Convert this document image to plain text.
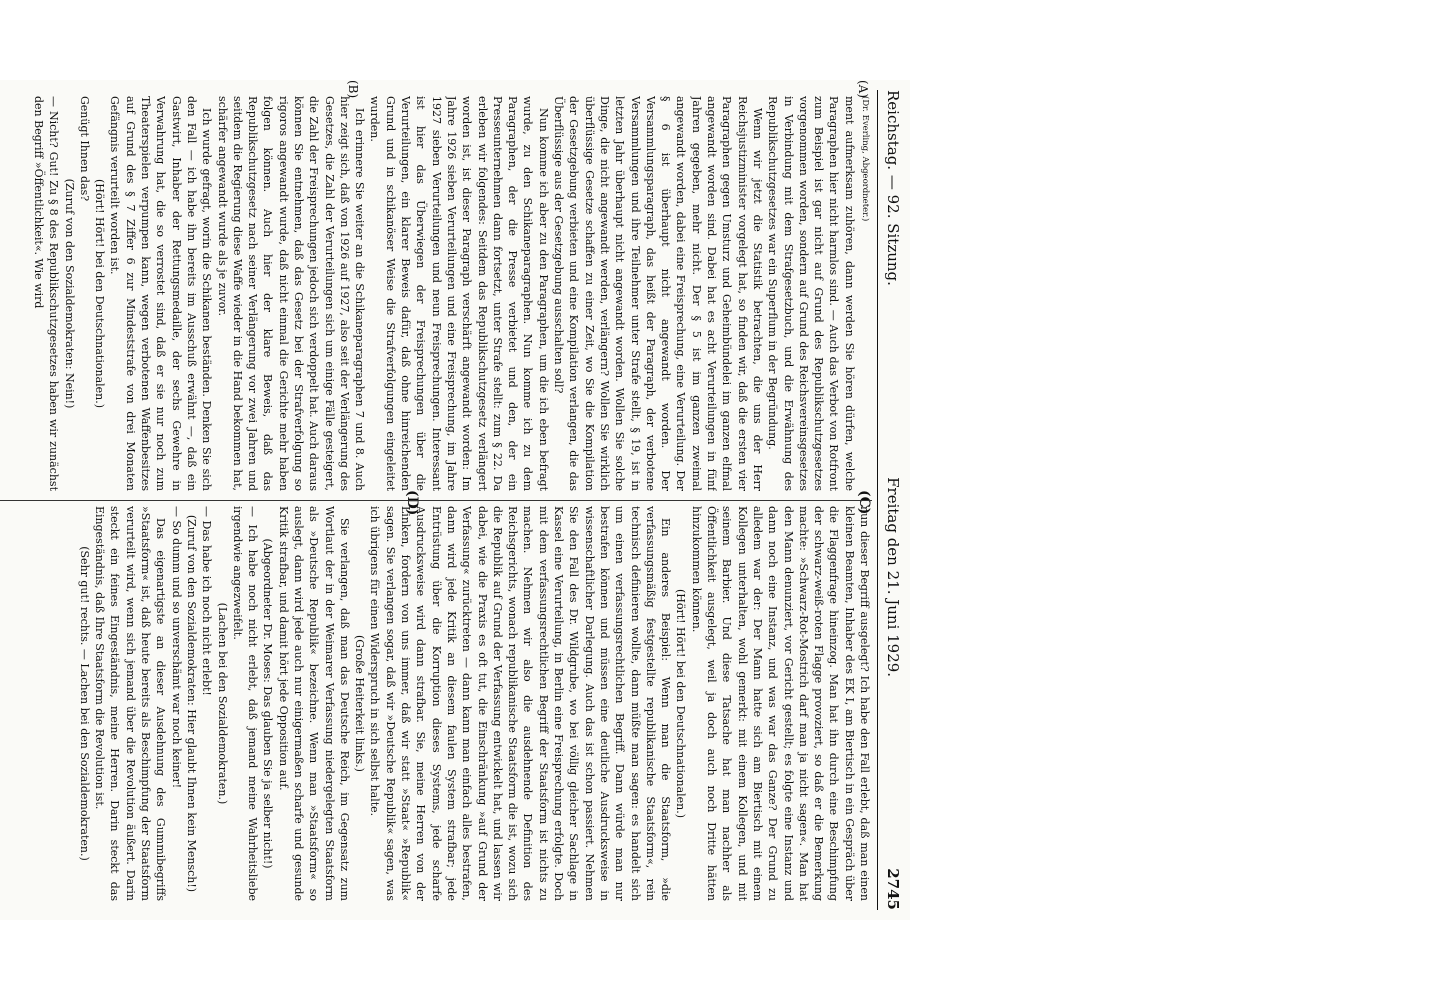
Reichstag. — 92. Sitzung.
Freitag den 21. Juni 1929.
2745
(A)
(B)
(C)
(D)

(Dr. Everling, Abgeordneter.)

ment aufmerksam zuhören, dann werden Sie hören dürfen, welche Paragraphen hier nicht harmlos sind. — Auch das Verbot von Rotfront zum Beispiel ist gar nicht auf Grund des Republikschutzgesetzes vorgenommen worden, sondern auf Grund des Reichsvereinsgesetzes in Verbindung mit dem Strafgesetzbuch, und die Erwähnung des Republikschutzgesetzes war ein Superflum in der Begründung.

Wenn wir jetzt die Statistik betrachten, die uns der Herr Reichsjustizminister vorgelegt hat, so finden wir, daß die ersten vier Paragraphen gegen Umsturz und Geheimbündelei im ganzen elfmal angewandt worden sind. Dabei hat es acht Verurteilungen in fünf Jahren gegeben, mehr nicht. Der § 5 ist im ganzen zweimal angewandt worden, dabei eine Freisprechung, eine Verurteilung. Der § 6 ist überhaupt nicht angewandt worden. Der Versammlungsparagraph, das heißt der Paragraph, der verbotene Versammlungen und ihre Teilnehmer unter Strafe stellt, § 19, ist in letzten Jahr überhaupt nicht angewandt worden. Wollen Sie solche Dinge, die nicht angewandt werden, verlängern? Wollen Sie wirklich überflüssige Gesetze schaffen zu einer Zeit, wo Sie die Kompilation der Gesetzgebung verbieten und eine Kompilation verlangen, die das Überflüssige aus der Gesetzgebung ausschalten soll?

Nun komme ich aber zu den Paragraphen, um die ich eben befragt wurde, zu den Schikaneparagraphen. Nun komme ich zu dem Paragraphen, der die Presse verbietet und den, der ein Presseunternehmen dann fortsetzt, unter Strafe stellt: zum § 22. Da erleben wir folgendes: Seitdem das Republikschutzgesetz verlängert worden ist, ist dieser Paragraph verschärft angewandt worden: Im Jahre 1926 sieben Verurteilungen und eine Freisprechung, im Jahre 1927 sieben Verurteilungen und neun Freisprechungen. Interessant ist hier das Überwiegen der Freisprechungen über die Verurteilungen, ein klarer Beweis dafür, daß ohne hinreichenden Grund und in schikanöser Weise die Strafverfolgungen eingeleitet wurden.

Ich erinnere Sie weiter an die Schikaneparagraphen 7 und 8. Auch hier zeigt sich, daß von 1926 auf 1927, also seit der Verlängerung des Gesetzes, die Zahl der Verurteilungen sich um einige Fälle gesteigert, die Zahl der Freisprechungen jedoch sich verdoppelt hat. Auch daraus können Sie entnehmen, daß das Gesetz bei der Strafverfolgung so rigoros angewandt wurde, daß nicht einmal die Gerichte mehr haben folgen können. Auch hier der klare Beweis, daß das Republikschutzgesetz nach seiner Verlängerung vor zwei Jahren und seitdem die Regierung diese Waffe wieder in die Hand bekommen hat, schärfer angewandt wurde als je zuvor.

Ich wurde gefragt, worin die Schikanen beständen. Denken Sie sich den Fall — ich habe ihn bereits im Ausschuß erwähnt —, daß ein Gastwirt, Inhaber der Rettungsmedaille, der sechs Gewehre in Verwahrung hat, die so verrostet sind, daß er sie nur noch zum Theaterspielen verpumpen kann, wegen verbotenen Waffenbesitzes auf Grund des § 7 Ziffer 6 zur Mindeststrafe von drei Monaten Gefängnis verurteilt worden ist.

(Hört! Hört! bei den Deutschnationalen.)

Genügt Ihnen das?

(Zuruf von den Sozialdemokraten: Nein!)

— Nicht? Gut! Zu § 8 des Republikschutzgesetzes haben wir zunächst den Begriff »Öffentlichkeit«. Wie wird

nun dieser Begriff ausgelegt? Ich habe den Fall erlebt, daß man einen kleinen Beamten, Inhaber des EK I, am Biertisch in ein Gespräch über die Flaggenfrage hineinzog. Man hat ihn durch eine Beschimpfung der schwarz-weiß-roten Flagge provoziert, so daß er die Bemerkung machte: »Schwarz-Rot-Mostrich darf man ja nicht sagen«. Man hat den Mann denunziert, vor Gericht gestellt; es folgte eine Instanz und dann noch eine Instanz, und was war das Ganze? Der Grund zu alledem war der: Der Mann hatte sich am Biertisch mit einem Kollegen unterhalten, wohl gemerkt: mit einem Kollegen, und mit seinem Barbier. Und diese Tatsache hat man nachher als Öffentlichkeit ausgelegt, weil ja doch auch noch Dritte hätten hinzukommen können.

(Hört! Hört! bei den Deutschnationalen.)

Ein anderes Beispiel: Wenn man die Staatsform, »die verfassungsmäßig festgestellte republikanische Staatsform«, rein technisch definieren wollte, dann müßte man sagen: es handelt sich um einen verfassungsrechtlichen Begriff. Dann würde man nur bestrafen können und müssen eine deutliche Ausdrucksweise in wissenschaftlicher Darlegung. Auch das ist schon passiert. Nehmen Sie den Fall des Dr. Wildgrube, wo bei völlig gleicher Sachlage in Kassel eine Verurteilung, in Berlin eine Freisprechung erfolgte. Doch mit dem verfassungsrechtlichen Begriff der Staatsform ist nichts zu machen. Nehmen wir also die ausdehnende Definition des Reichsgerichts, wonach republikanische Staatsform die ist, wozu sich die Republik auf Grund der Verfassung entwickelt hat, und lassen wir dabei, wie die Praxis es oft tut, die Einschränkung »auf Grund der Verfassung« zurücktreten — dann kann man einfach alles bestrafen, dann wird jede Kritik an diesem faulen System strafbar; jede Entrüstung über die Korruption dieses Systems, jede scharfe Ausdrucksweise wird dann strafbar. Sie, meine Herren von der Linken, fordern von uns immer, daß wir statt »Staat« »Republik« sagen. Sie verlangen sogar, daß wir »Deutsche Republik« sagen, was ich übrigens für einen Widerspruch in sich selbst halte.

(Große Heiterkeit links.)

Sie verlangen, daß man das Deutsche Reich, im Gegensatz zum Wortlaut der in der Weimarer Verfassung niedergelegten Staatsform als »Deutsche Republik« bezeichne. Wenn man »Staatsform« so auslegt, dann wird jede auch nur einigermaßen scharfe und gesunde Kritik strafbar, und damit hört jede Opposition auf.

(Abgeordneter Dr. Moses: Das glauben Sie ja selber nicht!)

— Ich habe noch nicht erlebt, daß jemand meine Wahrheitsliebe irgendwie angezweifelt.

(Lachen bei den Sozialdemokraten.)

— Das habe ich noch nicht erlebt!

(Zuruf von den Sozialdemokraten: Hier glaubt Ihnen kein Mensch!)

— So dumm und so unverschämt war noch keiner!

Das eigenartigste an dieser Ausdehnung des Gummibegriffs »Staatsform« ist, daß heute bereits als Beschimpfung der Staatsform verurteilt wird, wenn sich jemand über die Revolution äußert. Darin steckt ein feines Eingeständnis, meine Herren. Darin steckt das Eingeständnis, daß Ihre Staatsform die Revolution ist.

(Sehr gut! rechts. — Lachen bei den Sozialdemokraten.)
